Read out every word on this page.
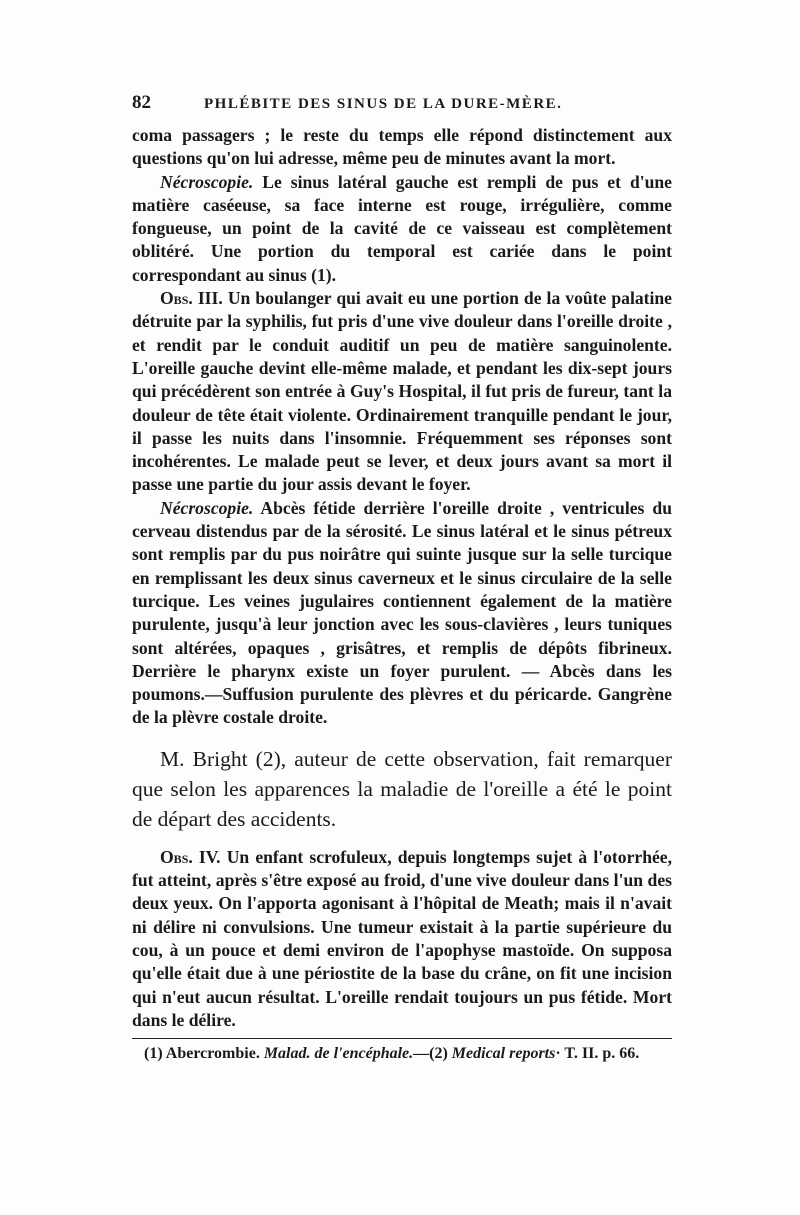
82	PHLÉBITE DES SINUS DE LA DURE-MÈRE.

coma passagers ; le reste du temps elle répond distinctement aux questions qu'on lui adresse, même peu de minutes avant la mort.

Nécroscopie. Le sinus latéral gauche est rempli de pus et d'une matière caséeuse, sa face interne est rouge, irrégulière, comme fongueuse, un point de la cavité de ce vaisseau est complètement oblitéré. Une portion du temporal est cariée dans le point correspondant au sinus (1).

Obs. III. Un boulanger qui avait eu une portion de la voûte palatine détruite par la syphilis, fut pris d'une vive douleur dans l'oreille droite , et rendit par le conduit auditif un peu de matière sanguinolente. L'oreille gauche devint elle-même malade, et pendant les dix-sept jours qui précédèrent son entrée à Guy's Hospital, il fut pris de fureur, tant la douleur de tête était violente. Ordinairement tranquille pendant le jour, il passe les nuits dans l'insomnie. Fréquemment ses réponses sont incohérentes. Le malade peut se lever, et deux jours avant sa mort il passe une partie du jour assis devant le foyer.

Nécroscopie. Abcès fétide derrière l'oreille droite , ventricules du cerveau distendus par de la sérosité. Le sinus latéral et le sinus pétreux sont remplis par du pus noirâtre qui suinte jusque sur la selle turcique en remplissant les deux sinus caverneux et le sinus circulaire de la selle turcique. Les veines jugulaires contiennent également de la matière purulente, jusqu'à leur jonction avec les sous-clavières , leurs tuniques sont altérées, opaques , grisâtres, et remplis de dépôts fibrineux. Derrière le pharynx existe un foyer purulent. — Abcès dans les poumons.—Suffusion purulente des plèvres et du péricarde. Gangrène de la plèvre costale droite.

M. Bright (2), auteur de cette observation, fait remarquer que selon les apparences la maladie de l'oreille a été le point de départ des accidents.

Obs. IV. Un enfant scrofuleux, depuis longtemps sujet à l'otorrhée, fut atteint, après s'être exposé au froid, d'une vive douleur dans l'un des deux yeux. On l'apporta agonisant à l'hôpital de Meath; mais il n'avait ni délire ni convulsions. Une tumeur existait à la partie supérieure du cou, à un pouce et demi environ de l'apophyse mastoïde. On supposa qu'elle était due à une périostite de la base du crâne, on fit une incision qui n'eut aucun résultat. L'oreille rendait toujours un pus fétide. Mort dans le délire.

(1) Abercrombie. Malad. de l'encéphale.—(2) Medical reports· T. II. p. 66.
